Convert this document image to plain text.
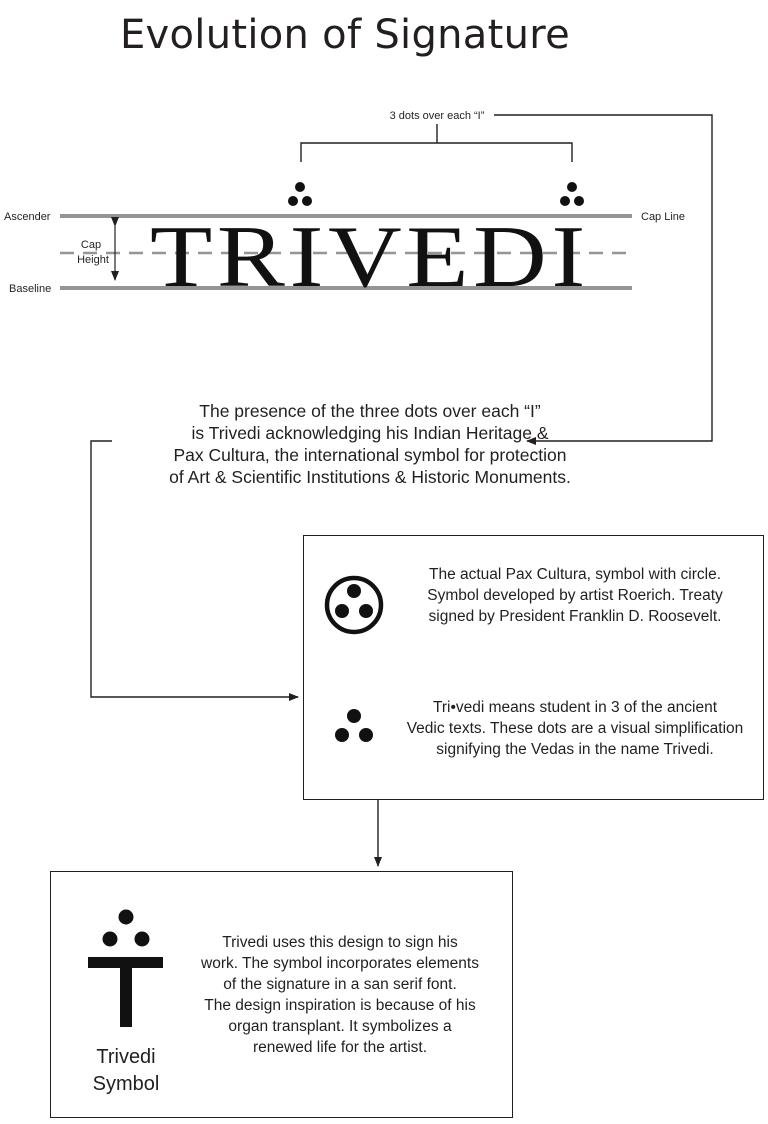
Evolution of Signature
TRIVEDI
Ascender
Baseline
Cap Line
Cap
Height
3 dots over each “I”
The presence of the three dots over each “I”
is Trivedi acknowledging his Indian Heritage &
Pax Cultura, the international symbol for protection
of Art & Scientific Institutions & Historic Monuments.
The actual Pax Cultura, symbol with circle.
Symbol developed by artist Roerich. Treaty
signed by President Franklin D. Roosevelt.
Tri•vedi means student in 3 of the ancient
Vedic texts. These dots are a visual simplification
signifying the Vedas in the name Trivedi.
Trivedi
Symbol
Trivedi uses this design to sign his
work. The symbol incorporates elements
of the signature in a san serif font.
The design inspiration is because of his
organ transplant. It symbolizes a
renewed life for the artist.
